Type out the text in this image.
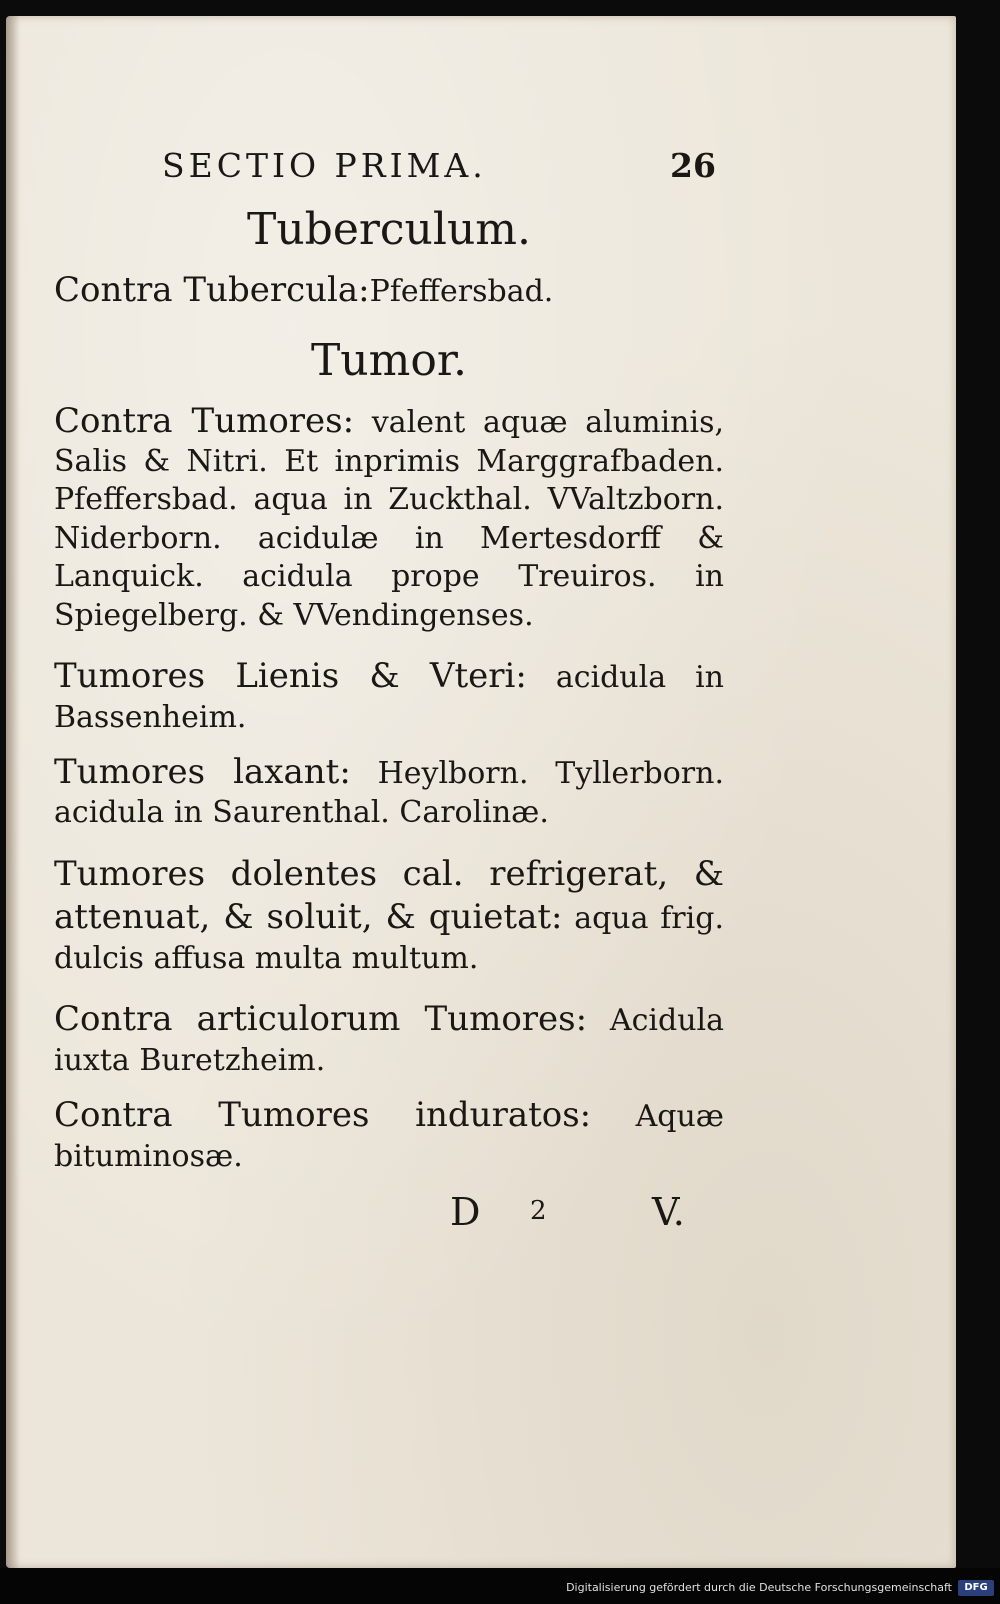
SECTIO PRIMA.	26
Tuberculum.

Contra Tubercula:Pfeffersbad.

Tumor.

Contra Tumores: valent aquæ aluminis, Salis & Nitri. Et inprimis Marggrafbaden. Pfeffersbad. aqua in Zuckthal. VValtzborn. Niderborn. acidulæ in Mertesdorff & Lanquick. acidula prope Treuiros. in Spiegelberg. & VVendingenses.

Tumores Lienis & Vteri: acidula in Bassenheim.

Tumores laxant: Heylborn. Tyllerborn. acidula in Saurenthal. Carolinæ.

Tumores dolentes cal. refrigerat, & attenuat, & soluit, & quietat: aqua frig. dulcis affusa multa multum.

Contra articulorum Tumores: Acidula iuxta Buretzheim.

Contra Tumores induratos: Aquæ bituminosæ.

D 2	V.
Digitalisierung gefördert durch die Deutsche Forschungsgemeinschaft	DFG
